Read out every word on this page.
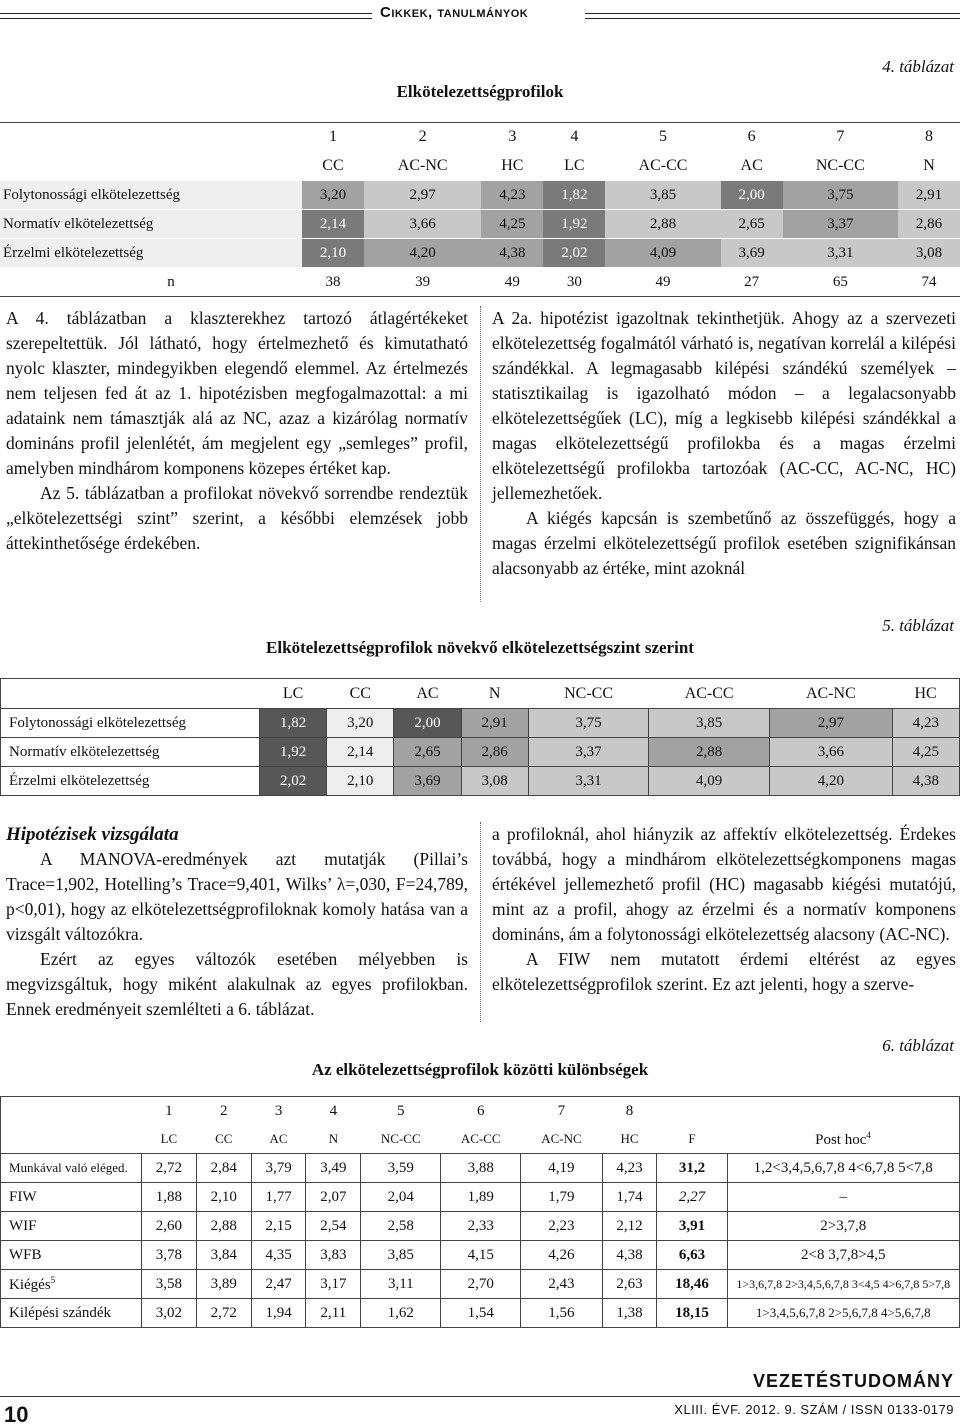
Cikkek, tanulmányok
4. táblázat
Elkötelezettségprofilok
	1	2	3	4	5	6	7	8
	CC	AC-NC	HC	LC	AC-CC	AC	NC-CC	N
Folytonossági elkötelezettség	3,20	2,97	4,23	1,82	3,85	2,00	3,75	2,91
Normatív elkötelezettség	2,14	3,66	4,25	1,92	2,88	2,65	3,37	2,86
Érzelmi elkötelezettség	2,10	4,20	4,38	2,02	4,09	3,69	3,31	3,08
n	38	39	49	30	49	27	65	74

A 4. táblázatban a klaszterekhez tartozó átlagértékeket szerepeltettük. Jól látható, hogy értelmezhető és kimutatható nyolc klaszter, mindegyikben elegendő elemmel. Az értelmezés nem teljesen fed át az 1. hipotézisben megfogalmazottal: a mi adataink nem támasztják alá az NC, azaz a kizárólag normatív domináns profil jelenlétét, ám megjelent egy „semleges” profil, amelyben mindhárom komponens közepes értéket kap.

Az 5. táblázatban a profilokat növekvő sorrendbe rendeztük „elkötelezettségi szint” szerint, a későbbi elemzések jobb áttekinthetősége érdekében.

A 2a. hipotézist igazoltnak tekinthetjük. Ahogy az a szervezeti elkötelezettség fogalmától várható is, negatívan korrelál a kilépési szándékkal. A legmagasabb kilépési szándékú személyek – statisztikailag is igazolható módon – a legalacsonyabb elkötelezettségűek (LC), míg a legkisebb kilépési szándékkal a magas elkötelezettségű profilokba és a magas érzelmi elkötelezettségű profilokba tartozóak (AC-CC, AC-NC, HC) jellemezhetőek.

A kiégés kapcsán is szembetűnő az összefüggés, hogy a magas érzelmi elkötelezettségű profilok esetében szignifikánsan alacsonyabb az értéke, mint azoknál

5. táblázat
Elkötelezettségprofilok növekvő elkötelezettségszint szerint
	LC	CC	AC	N	NC-CC	AC-CC	AC-NC	HC
Folytonossági elkötelezettség	1,82	3,20	2,00	2,91	3,75	3,85	2,97	4,23
Normatív elkötelezettség	1,92	2,14	2,65	2,86	3,37	2,88	3,66	4,25
Érzelmi elkötelezettség	2,02	2,10	3,69	3,08	3,31	4,09	4,20	4,38

Hipotézisek vizsgálata

A MANOVA-eredmények azt mutatják (Pillai’s Trace=1,902, Hotelling’s Trace=9,401, Wilks’ λ=,030, F=24,789, p<0,01), hogy az elkötelezettségprofiloknak komoly hatása van a vizsgált változókra.

Ezért az egyes változók esetében mélyebben is megvizsgáltuk, hogy miként alakulnak az egyes profilokban. Ennek eredményeit szemlélteti a 6. táblázat.

a profiloknál, ahol hiányzik az affektív elkötelezettség. Érdekes továbbá, hogy a mindhárom elkötelezettségkomponens magas értékével jellemezhető profil (HC) magasabb kiégési mutatójú, mint az a profil, ahogy az érzelmi és a normatív komponens domináns, ám a folytonossági elkötelezettség alacsony (AC-NC).

A FIW nem mutatott érdemi eltérést az egyes elkötelezettségprofilok szerint. Ez azt jelenti, hogy a szerve-

6. táblázat
Az elkötelezettségprofilok közötti különbségek
	1	2	3	4	5	6	7	8		
	LC	CC	AC	N	NC-CC	AC-CC	AC-NC	HC	F	Post hoc$^4$
Munkával való eléged.	2,72	2,84	3,79	3,49	3,59	3,88	4,19	4,23	31,2	1,2<3,4,5,6,7,8 4<6,7,8 5<7,8
FIW	1,88	2,10	1,77	2,07	2,04	1,89	1,79	1,74	2,27	–
WIF	2,60	2,88	2,15	2,54	2,58	2,33	2,23	2,12	3,91	2>3,7,8
WFB	3,78	3,84	4,35	3,83	3,85	4,15	4,26	4,38	6,63	2<8 3,7,8>4,5
Kiégés$^5$	3,58	3,89	2,47	3,17	3,11	2,70	2,43	2,63	18,46	1>3,6,7,8 2>3,4,5,6,7,8 3<4,5 4>6,7,8 5>7,8
Kilépési szándék	3,02	2,72	1,94	2,11	1,62	1,54	1,56	1,38	18,15	1>3,4,5,6,7,8 2>5,6,7,8 4>5,6,7,8
VEZETÉSTUDOMÁNY
10	XLIII. ÉVF. 2012. 9. SZÁM / ISSN 0133-0179
